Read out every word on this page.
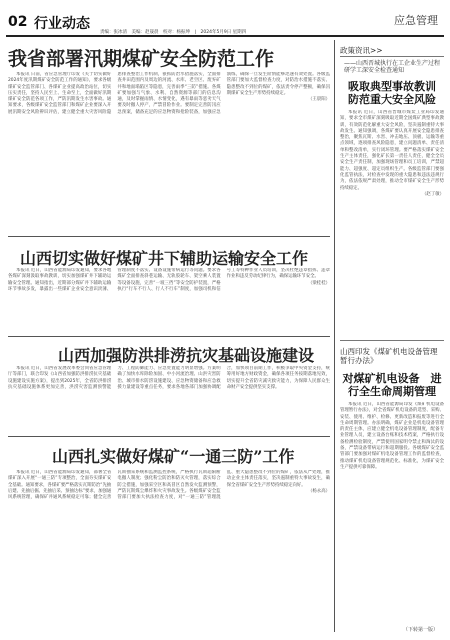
02 行业动态	应急管理
责编：张冰清　美编：赵晟晨　校对：杨振坤　|　2024年5月9日 星期四
我省部署汛期煤矿安全防范工作

本报讯 日前，省应急管理厅印发《关于切实做好2024年度汛期煤矿安全防范工作的通知》，要求各级煤矿安全监管部门、各煤矿企业提高政治站位，切实压实责任，坚持人民至上、生命至上，全面做好汛期煤矿安全防范各项工作，严防汛期发生水害事故。通知要求，各级煤矿安全监管部门和煤矿企业要深入开展汛期安全风险辨识评估，建立健全重大灾害风险隐患排查整治工作机制，狠抓防治水措施落实，全面排查井田范围内及周边的河流、水库、老空区、废弃矿井和地面塌陷区等隐患，完善雨季“三防”措施。各煤矿要加强与气象、水利、自然资源等部门的信息沟通，及时掌握雨情、水情变化，遇有暴雨等恶劣天气要及时撤人停产，严禁冒险作业。要制定完善防汛应急预案，储备充足的应急物资和抢险装备，加强应急演练，确保一旦发生险情能够迅速有效处置。各级监管部门要加大监督检查力度，对防治水措施不落实、隐患整改不到位的煤矿，依法责令停产整顿，确保汛期煤矿安全生产形势持续稳定。

（王晨阳）

山西切实做好煤矿井下辅助运输安全工作

本报讯 近日，山西省能源局印发通知，要求各地各煤矿深刻汲取事故教训，切实加强煤矿井下辅助运输安全管理。通知指出，近期部分煤矿井下辅助运输环节事故多发，暴露出一些煤矿企业安全意识淡薄、管理制度不落实、设备设施带病运行等问题。要求各煤矿全面排查斜巷运输、无轨胶轮车、架空乘人装置等设备设施，完善“一坡三挡”等安全防护装置，严格执行“行车不行人、行人不行车”制度，加强司机和信号工等特种作业人员培训，坚决杜绝违章指挥、违章作业和违反劳动纪律行为，确保运输环节安全。

（梁桂桂）

山西加强防洪排涝抗灾基础设施建设

本报讯 近日，山西省发展改革委会同省应急管理厅等部门，联合印发《山西省加强防洪排涝抗灾基础设施建设实施方案》，提出到2025年，全省防洪排涝抗灾基础设施体系更加完善，洪涝灾害监测预警能力、工程防御能力、应急处置能力明显增强。方案明确了加快水库除险加固、中小河流治理、山洪灾害防治、城市排水防涝设施建设、应急物资储备和应急救援力量建设等重点任务，要求各地各部门加强协调配合，加快项目前期工作，积极争取中央资金支持，统筹用好地方财政资金，确保各项任务按期落地见效，切实提升全省防灾减灾救灾能力，为保障人民群众生命财产安全提供坚实支撑。

山西扎实做好煤矿“一通三防”工作

本报讯 近日，山西省能源局印发通知，部署全省煤矿深入开展“一通三防”专项整治，全面夯实煤矿安全基础。通知要求，各煤矿要严格落实瓦斯防治“先抽后建、先抽后掘、先抽后采、预抽达标”要求，加强通风系统管理，确保矿井通风系统稳定可靠；健全完善瓦斯抽采系统和监测监控系统，严格执行瓦斯超限断电撤人制度；强化粉尘防治和防灭火管理，落实综合防尘措施，加强采空区和高冒区自然发火监测预警，严防瓦斯煤尘爆炸和火灾事故发生。各级煤矿安全监管部门要加大执法检查力度，对“一通三防”管理混乱、重大隐患整改不到位的煤矿，依法从严处理，推动企业主体责任落实，坚决遏制重特大事故发生，确保全省煤矿安全生产形势持续稳定向好。

（杨永高）

政策资讯>>
——山西晋城执行在工企业生产过程研学工深安全检查通知
吸取典型事故教训　防范重大安全风险

本报讯 近日，山西省晋城市煤炭工业局印发通知，要求全市煤矿深刻吸取近期全国煤矿典型事故教训，有效防范化解重大安全风险，坚决遏制重特大事故发生。通知强调，各煤矿要认真开展安全隐患排查整治，聚焦瓦斯、水害、冲击地压、顶板、运输等重点领域，逐项排查风险隐患，建立问题清单、责任清单和整改清单，实行闭环管理。要严格落实煤矿安全生产主体责任，强化矿长第一责任人责任，健全全员安全生产责任制，加强现场管理和员工培训，严禁超能力、超强度、超定员组织生产。各级监管部门要强化监管执法，对检查中发现的重大隐患和违法违规行为，依法依规严肃处理，推动全市煤矿安全生产形势持续稳定。

（赵丁敏）

山西印发《煤矿机电设备管理暂行办法》
对煤矿机电设备　进行全生命周期管理

本报讯 近日，山西省能源局印发《煤矿机电设备管理暂行办法》，对全省煤矿机电设备的选型、采购、安装、使用、维护、检修、更新改造和报废等进行全生命周期管理。办法明确，煤矿企业是机电设备管理的责任主体，应建立健全机电设备管理制度，配备专业管理人员，建立设备台账和技术档案，严格执行设备检测检验制度，严禁使用国家明令禁止和淘汰的设备，严禁设备带病运行和超期服役。各级煤矿安全监管部门要加强对煤矿机电设备管理工作的监督检查，推动煤矿机电设备管理规范化、标准化，为煤矿安全生产提供可靠保障。

（下转第一版）
